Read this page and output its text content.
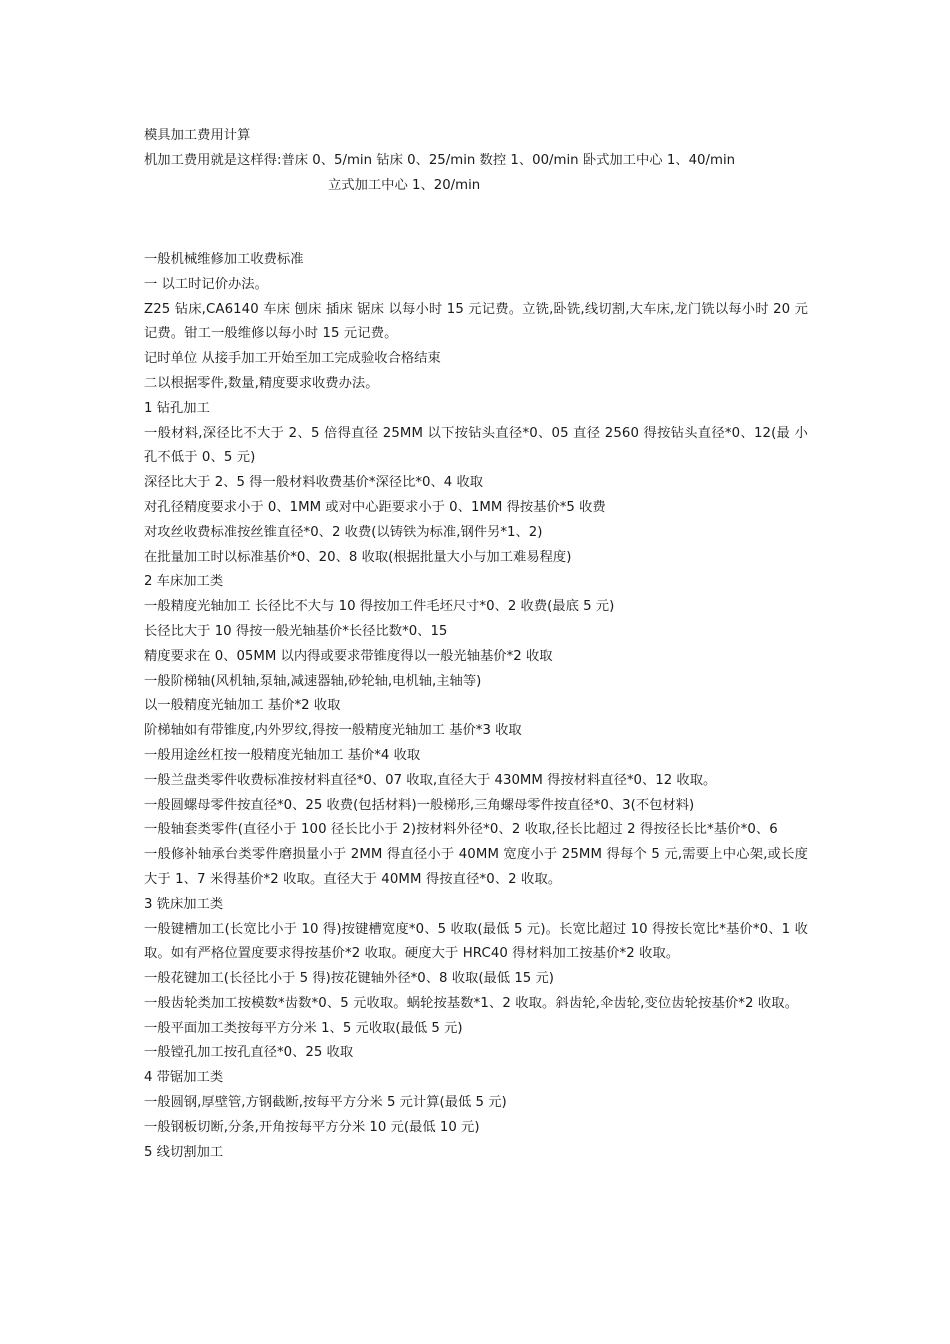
模具加工费用计算
机加工费用就是这样得:普床 0、5/min 钻床 0、25/min 数控 1、00/min 卧式加工中心 1、40/min
立式加工中心 1、20/min
一般机械维修加工收费标准
一 以工时记价办法。
Z25 钻床,CA6140 车床 刨床 插床 锯床 以每小时 15 元记费。立铣,卧铣,线切割,大车床,龙门铣以每小时 20 元记费。钳工一般维修以每小时 15 元记费。
记时单位 从接手加工开始至加工完成验收合格结束
二以根据零件,数量,精度要求收费办法。
1 钻孔加工
一般材料,深径比不大于 2、5 倍得直径 25MM 以下按钻头直径*0、05 直径 2560 得按钻头直径*0、12(最 小孔不低于 0、5 元)
深径比大于 2、5 得一般材料收费基价*深径比*0、4 收取
对孔径精度要求小于 0、1MM 或对中心距要求小于 0、1MM 得按基价*5 收费
对攻丝收费标准按丝锥直径*0、2 收费(以铸铁为标准,钢件另*1、2)
在批量加工时以标准基价*0、20、8 收取(根据批量大小与加工难易程度)
2 车床加工类
一般精度光轴加工 长径比不大与 10 得按加工件毛坯尺寸*0、2 收费(最底 5 元)
长径比大于 10 得按一般光轴基价*长径比数*0、15
精度要求在 0、05MM 以内得或要求带锥度得以一般光轴基价*2 收取
一般阶梯轴(风机轴,泵轴,减速器轴,砂轮轴,电机轴,主轴等)
以一般精度光轴加工 基价*2 收取
阶梯轴如有带锥度,内外罗纹,得按一般精度光轴加工 基价*3 收取
一般用途丝杠按一般精度光轴加工 基价*4 收取
一般兰盘类零件收费标准按材料直径*0、07 收取,直径大于 430MM 得按材料直径*0、12 收取。
一般圆螺母零件按直径*0、25 收费(包括材料)一般梯形,三角螺母零件按直径*0、3(不包材料)
一般轴套类零件(直径小于 100 径长比小于 2)按材料外径*0、2 收取,径长比超过 2 得按径长比*基价*0、6
一般修补轴承台类零件磨损量小于 2MM 得直径小于 40MM 宽度小于 25MM 得每个 5 元,需要上中心架,或长度大于 1、7 米得基价*2 收取。直径大于 40MM 得按直径*0、2 收取。
3 铣床加工类
一般键槽加工(长宽比小于 10 得)按键槽宽度*0、5 收取(最低 5 元)。长宽比超过 10 得按长宽比*基价*0、1 收取。如有严格位置度要求得按基价*2 收取。硬度大于 HRC40 得材料加工按基价*2 收取。
一般花键加工(长径比小于 5 得)按花键轴外径*0、8 收取(最低 15 元)
一般齿轮类加工按模数*齿数*0、5 元收取。蜗轮按基数*1、2 收取。斜齿轮,伞齿轮,变位齿轮按基价*2 收取。
一般平面加工类按每平方分米 1、5 元收取(最低 5 元)
一般镗孔加工按孔直径*0、25 收取
4 带锯加工类
一般圆钢,厚壁管,方钢截断,按每平方分米 5 元计算(最低 5 元)
一般钢板切断,分条,开角按每平方分米 10 元(最低 10 元)
5 线切割加工
